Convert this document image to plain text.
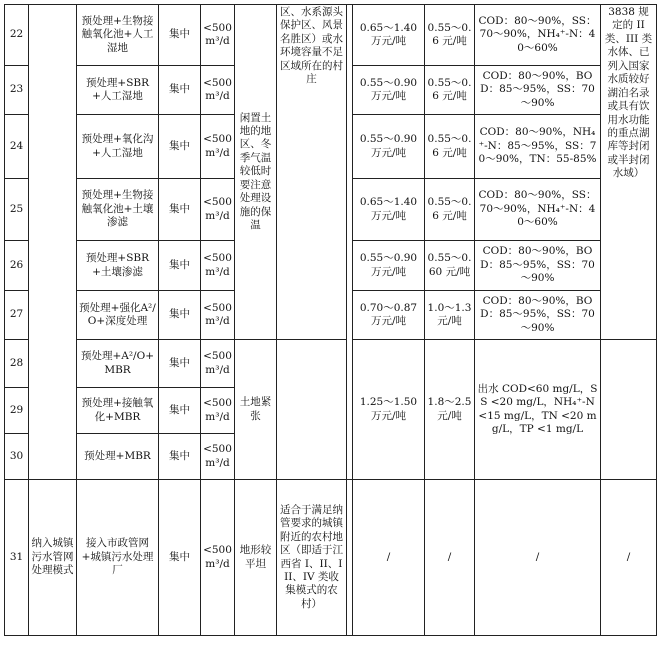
22		预处理+生物接触氧化池+人工湿地	集中	<500 m³/d	闲置土地的地区、冬季气温较低时要注意处理设施的保温	区、水系源头保护区、风景名胜区）或水环境容量不足区域所在的村庄		0.65～1.40 万元/吨	0.55～0.6 元/吨	COD：80～90%，SS：70～90%，NH₄⁺-N：40～60%	3838 规定的 II 类、III 类水体、已列入国家水质较好湖泊名录或具有饮用水功能的重点湖库等封闭或半封闭水域）
23		预处理+SBR+人工湿地	集中	<500 m³/d				0.55～0.90 万元/吨	0.55～0.6 元/吨	COD：80～90%，BOD：85～95%，SS：70～90%	
24		预处理+氧化沟+人工湿地	集中	<500 m³/d				0.55～0.90 万元/吨	0.55～0.6 元/吨	COD：80～90%，NH₄⁺-N：85～95%，SS：70～90%，TN：55-85%	
25		预处理+生物接触氧化池+土壤渗滤	集中	<500 m³/d				0.65～1.40 万元/吨	0.55～0.6 元/吨	COD：80～90%，SS：70～90%，NH₄⁺-N：40～60%	
26		预处理+SBR+土壤渗滤	集中	<500 m³/d				0.55～0.90 万元/吨	0.55～0.60 元/吨	COD：80～90%，BOD：85～95%，SS：70～90%	
27		预处理+强化A²/O+深度处理	集中	<500 m³/d				0.70～0.87 万元/吨	1.0～1.3 元/吨	COD：80～90%，BOD：85～95%，SS：70～90%	
28		预处理+A²/O+MBR	集中	<500 m³/d	土地紧张			1.25～1.50 万元/吨	1.8～2.5 元/吨	出水 COD<60 mg/L，SS <20 mg/L，NH₄⁺-N <15 mg/L，TN <20 mg/L，TP <1 mg/L	
29		预处理+接触氧化+MBR	集中	<500 m³/d							
30		预处理+MBR	集中	<500 m³/d							
31	纳入城镇污水管网处理模式	接入市政管网+城镇污水处理厂	集中	<500 m³/d	地形较平坦	适合于满足纳管要求的城镇附近的农村地区（即适于江西省 I、II、III、IV 类收集模式的农村）		/	/	/	/
